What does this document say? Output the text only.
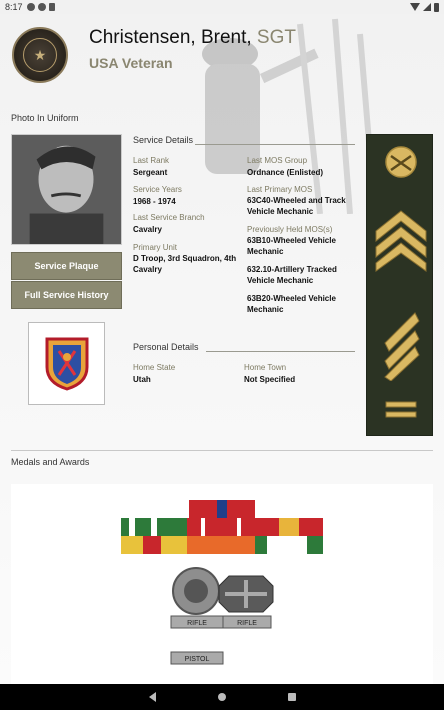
8:17
★
Christensen, Brent, SGT
USA Veteran
Photo In Uniform
Service Plaque
Full Service History
Service Details
Last Rank
Sergeant
Service Years
1968 - 1974
Last Service Branch
Cavalry
Primary Unit
D Troop, 3rd Squadron, 4th
Cavalry
Last MOS Group
Ordnance (Enlisted)
Last Primary MOS
63C40-Wheeled and Track
Vehicle Mechanic
Previously Held MOS(s)
63B10-Wheeled Vehicle
Mechanic
632.10-Artillery Tracked
Vehicle Mechanic
63B20-Wheeled Vehicle
Mechanic
Personal Details
Home State
Utah
Home Town
Not Specified
Medals and Awards
RIFLE
PISTOL
RIFLE
